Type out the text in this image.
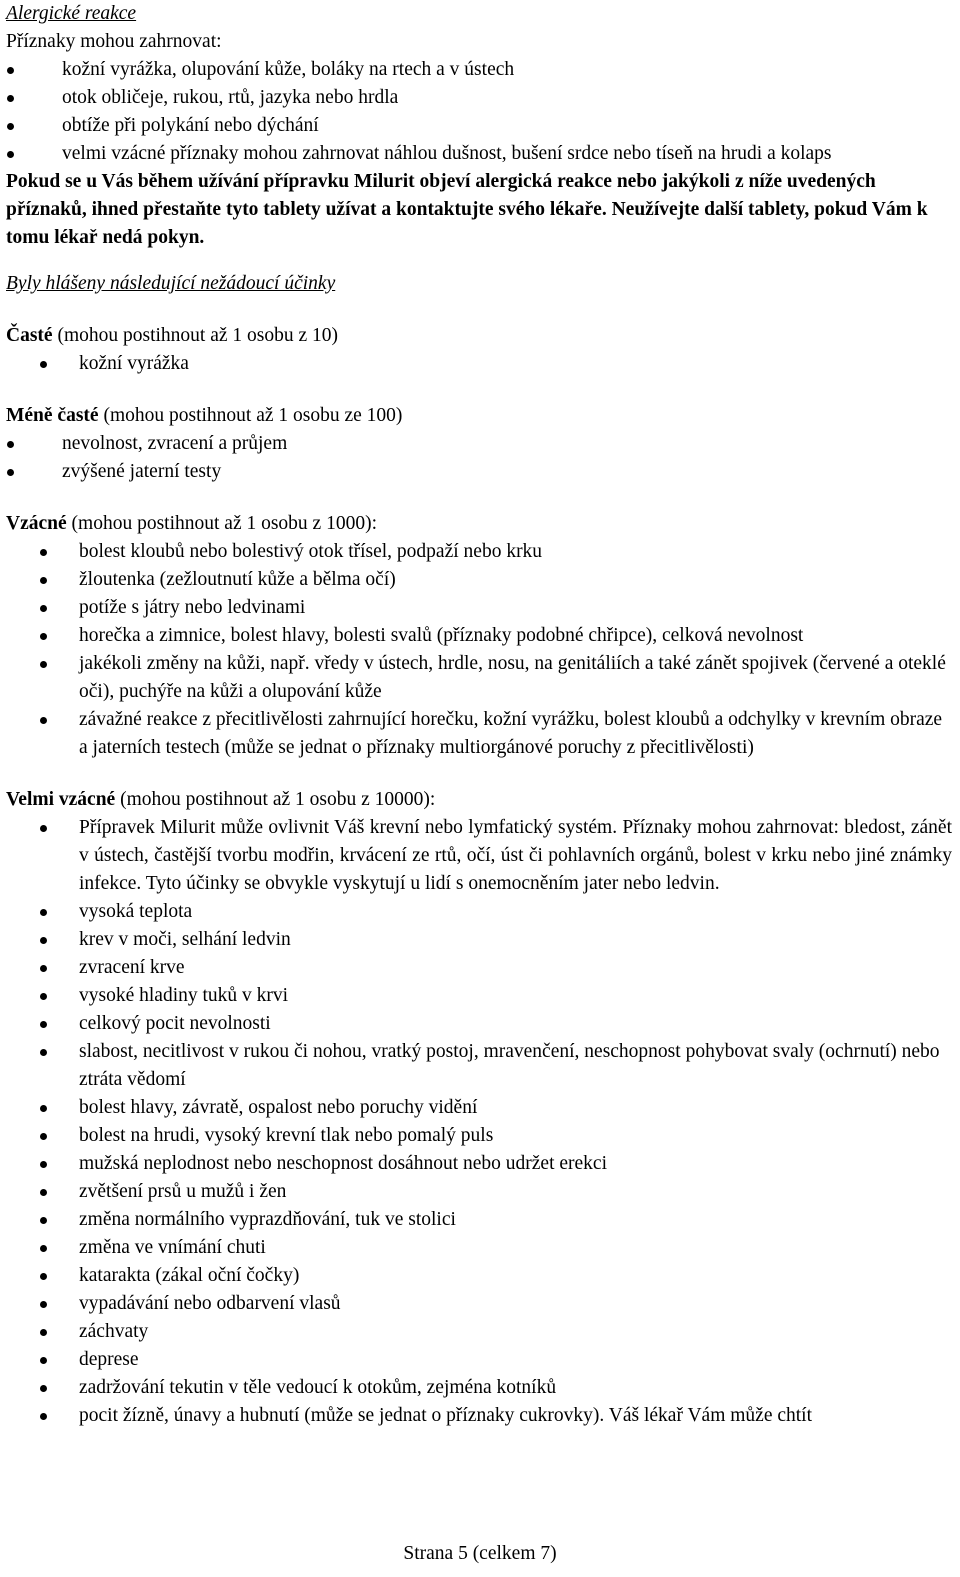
Alergické reakce

Příznaky mohou zahrnovat:

kožní vyrážka, olupování kůže, boláky na rtech a v ústech
otok obličeje, rukou, rtů, jazyka nebo hrdla
obtíže při polykání nebo dýchání
velmi vzácné příznaky mohou zahrnovat náhlou dušnost, bušení srdce nebo tíseň na hrudi a kolaps

Pokud se u Vás během užívání přípravku Milurit objeví alergická reakce nebo jakýkoli z níže uvedených příznaků, ihned přestaňte tyto tablety užívat a kontaktujte svého lékaře. Neužívejte další tablety, pokud Vám k tomu lékař nedá pokyn.

Byly hlášeny následující nežádoucí účinky

Časté (mohou postihnout až 1 osobu z 10)

kožní vyrážka

Méně časté (mohou postihnout až 1 osobu ze 100)

nevolnost, zvracení a průjem
zvýšené jaterní testy

Vzácné (mohou postihnout až 1 osobu z 1000):

bolest kloubů nebo bolestivý otok třísel, podpaží nebo krku
žloutenka (zežloutnutí kůže a bělma očí)
potíže s játry nebo ledvinami
horečka a zimnice, bolest hlavy, bolesti svalů (příznaky podobné chřipce), celková nevolnost
jakékoli změny na kůži, např. vředy v ústech, hrdle, nosu, na genitáliích a také zánět spojivek (červené a oteklé oči), puchýře na kůži a olupování kůže
závažné reakce z přecitlivělosti zahrnující horečku, kožní vyrážku, bolest kloubů a odchylky v krevním obraze a jaterních testech (může se jednat o příznaky multiorgánové poruchy z přecitlivělosti)

Velmi vzácné (mohou postihnout až 1 osobu z 10000):

Přípravek Milurit může ovlivnit Váš krevní nebo lymfatický systém. Příznaky mohou zahrnovat: bledost, zánět v ústech, častější tvorbu modřin, krvácení ze rtů, očí, úst či pohlavních orgánů, bolest v krku nebo jiné známky infekce. Tyto účinky se obvykle vyskytují u lidí s onemocněním jater nebo ledvin.
vysoká teplota
krev v moči, selhání ledvin
zvracení krve
vysoké hladiny tuků v krvi
celkový pocit nevolnosti
slabost, necitlivost v rukou či nohou, vratký postoj, mravenčení, neschopnost pohybovat svaly (ochrnutí) nebo ztráta vědomí
bolest hlavy, závratě, ospalost nebo poruchy vidění
bolest na hrudi, vysoký krevní tlak nebo pomalý puls
mužská neplodnost nebo neschopnost dosáhnout nebo udržet erekci
zvětšení prsů u mužů i žen
změna normálního vyprazdňování, tuk ve stolici
změna ve vnímání chuti
katarakta (zákal oční čočky)
vypadávání nebo odbarvení vlasů
záchvaty
deprese
zadržování tekutin v těle vedoucí k otokům, zejména kotníků
pocit žízně, únavy a hubnutí (může se jednat o příznaky cukrovky). Váš lékař Vám může chtít
Strana 5 (celkem 7)
